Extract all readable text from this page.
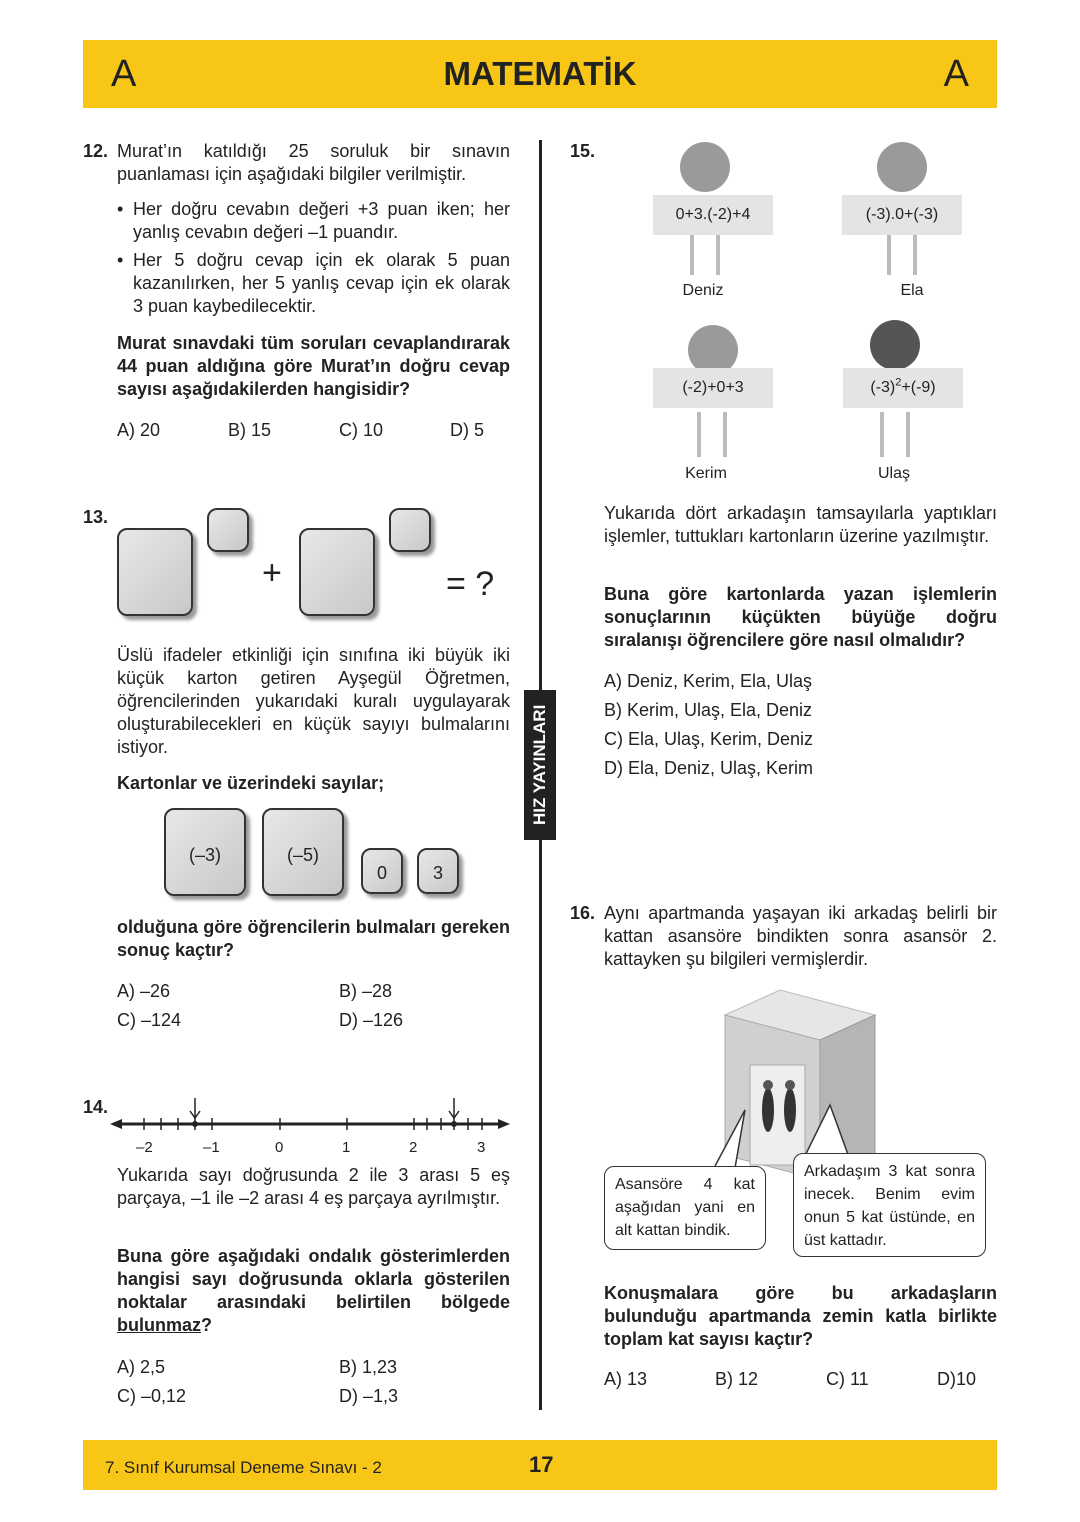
A	MATEMATİK	A
HIZ YAYINLARI
12. Murat’ın katıldığı 25 soruluk bir sınavın puanlaması için aşağıdaki bilgiler verilmiştir.
• Her doğru cevabın değeri +3 puan iken; her yanlış cevabın değeri –1 puandır.
• Her 5 doğru cevap için ek olarak 5 puan kazanılırken, her 5 yanlış cevap için ek olarak 3 puan kaybedilecektir.
Murat sınavdaki tüm soruları cevaplandırarak 44 puan aldığına göre Murat’ın doğru cevap sayısı aşağıdakilerden hangisidir?
A) 20	B) 15	C) 10	D) 5
13.
+	= ?
Üslü ifadeler etkinliği için sınıfına iki büyük iki küçük karton getiren Ayşegül Öğretmen, öğrencilerinden yukarıdaki kuralı uygulayarak oluşturabilecekleri en küçük sayıyı bulmalarını istiyor.
Kartonlar ve üzerindeki sayılar;
(–3)	(–5)
0	3
olduğuna göre öğrencilerin bulmaları gereken sonuç kaçtır?
A) –26	B) –28
C) –124	D) –126
14.
–2	–1	0	1	2	3
Yukarıda sayı doğrusunda 2 ile 3 arası 5 eş parçaya, –1 ile –2 arası 4 eş parçaya ayrılmıştır.
Buna göre aşağıdaki ondalık gösterimlerden hangisi sayı doğrusunda oklarla gösterilen noktalar arasındaki belirtilen bölgede bulunmaz?
A) 2,5	B) 1,23
C) –0,12	D) –1,3
15.
0+3.(-2)+4
Deniz
(-3).0+(-3)
Ela
(-2)+0+3
Kerim
$(-3)^2+(-9)$
Ulaş
Yukarıda dört arkadaşın tamsayılarla yaptıkları işlemler, tuttukları kartonların üzerine yazılmıştır.
Buna göre kartonlarda yazan işlemlerin sonuçlarının küçükten büyüğe doğru sıralanışı öğrencilere göre nasıl olmalıdır?
A) Deniz, Kerim, Ela, Ulaş
B) Kerim, Ulaş, Ela, Deniz
C) Ela, Ulaş, Kerim, Deniz
D) Ela, Deniz, Ulaş, Kerim
16. Aynı apartmanda yaşayan iki arkadaş belirli bir kattan asansöre bindikten sonra asansör 2. kattayken şu bilgileri vermişlerdir.
Asansöre 4 kat aşağıdan yani en alt kattan bindik.
Arkadaşım 3 kat sonra inecek. Benim evim onun 5 kat üstünde, en üst kattadır.
Konuşmalara göre bu arkadaşların bulunduğu apartmanda zemin katla birlikte toplam kat sayısı kaçtır?
A) 13	B) 12	C) 11	D)10
7. Sınıf Kurumsal Deneme Sınavı - 2	17
